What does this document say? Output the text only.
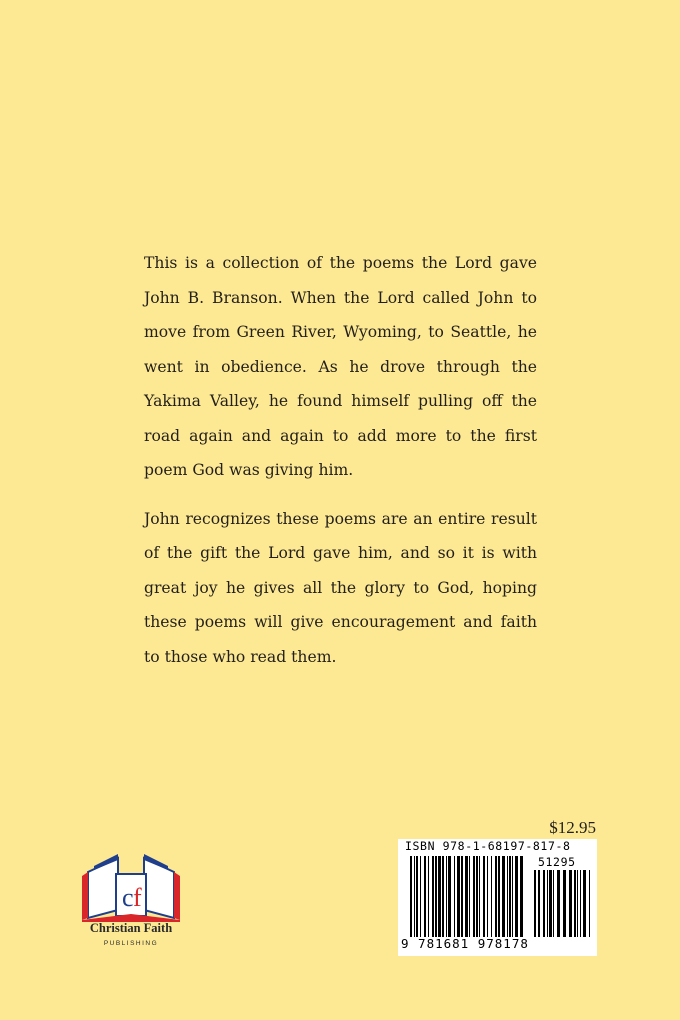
This is a collection of the poems the Lord gave John B. Branson. When the Lord called John to move from Green River, Wyoming, to Seattle, he went in obedience. As he drove through the Yakima Valley, he found himself pulling off the road again and again to add more to the first poem God was giving him.

John recognizes these poems are an entire result of the gift the Lord gave him, and so it is with great joy he gives all the glory to God, hoping these poems will give encouragement and faith to those who read them.

$12.95
ISBN 978-1-68197-817-8
51295
9 781681 978178
c f
Christian Faith
PUBLISHING
